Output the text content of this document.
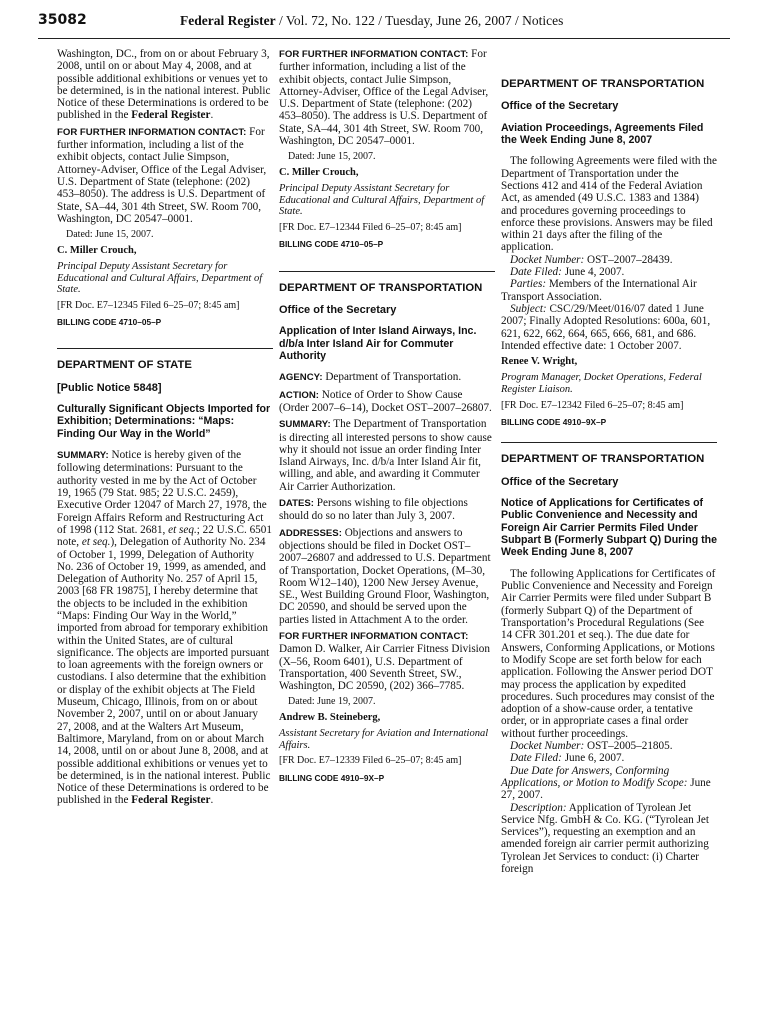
35082	Federal Register / Vol. 72, No. 122 / Tuesday, June 26, 2007 / Notices

Washington, DC., from on or about February 3, 2008, until on or about May 4, 2008, and at possible additional exhibitions or venues yet to be determined, is in the national interest. Public Notice of these Determinations is ordered to be published in the Federal Register.

FOR FURTHER INFORMATION CONTACT: For further information, including a list of the exhibit objects, contact Julie Simpson, Attorney-Adviser, Office of the Legal Adviser, U.S. Department of State (telephone: (202) 453–8050). The address is U.S. Department of State, SA–44, 301 4th Street, SW. Room 700, Washington, DC 20547–0001.

Dated: June 15, 2007.

C. Miller Crouch,

Principal Deputy Assistant Secretary for Educational and Cultural Affairs, Department of State.

[FR Doc. E7–12345 Filed 6–25–07; 8:45 am]

BILLING CODE 4710–05–P
DEPARTMENT OF STATE
[Public Notice 5848]
Culturally Significant Objects Imported for Exhibition; Determinations: “Maps: Finding Our Way in the World”

SUMMARY: Notice is hereby given of the following determinations: Pursuant to the authority vested in me by the Act of October 19, 1965 (79 Stat. 985; 22 U.S.C. 2459), Executive Order 12047 of March 27, 1978, the Foreign Affairs Reform and Restructuring Act of 1998 (112 Stat. 2681, et seq.; 22 U.S.C. 6501 note, et seq.), Delegation of Authority No. 234 of October 1, 1999, Delegation of Authority No. 236 of October 19, 1999, as amended, and Delegation of Authority No. 257 of April 15, 2003 [68 FR 19875], I hereby determine that the objects to be included in the exhibition “Maps: Finding Our Way in the World,” imported from abroad for temporary exhibition within the United States, are of cultural significance. The objects are imported pursuant to loan agreements with the foreign owners or custodians. I also determine that the exhibition or display of the exhibit objects at The Field Museum, Chicago, Illinois, from on or about November 2, 2007, until on or about January 27, 2008, and at the Walters Art Museum, Baltimore, Maryland, from on or about March 14, 2008, until on or about June 8, 2008, and at possible additional exhibitions or venues yet to be determined, is in the national interest. Public Notice of these Determinations is ordered to be published in the Federal Register.

FOR FURTHER INFORMATION CONTACT: For further information, including a list of the exhibit objects, contact Julie Simpson, Attorney-Adviser, Office of the Legal Adviser, U.S. Department of State (telephone: (202) 453–8050). The address is U.S. Department of State, SA–44, 301 4th Street, SW. Room 700, Washington, DC 20547–0001.

Dated: June 15, 2007.

C. Miller Crouch,

Principal Deputy Assistant Secretary for Educational and Cultural Affairs, Department of State.

[FR Doc. E7–12344 Filed 6–25–07; 8:45 am]

BILLING CODE 4710–05–P
DEPARTMENT OF TRANSPORTATION
Office of the Secretary
Application of Inter Island Airways, Inc. d/b/a Inter Island Air for Commuter Authority

AGENCY: Department of Transportation.

ACTION: Notice of Order to Show Cause (Order 2007–6–14), Docket OST–2007–26807.

SUMMARY: The Department of Transportation is directing all interested persons to show cause why it should not issue an order finding Inter Island Airways, Inc. d/b/a Inter Island Air fit, willing, and able, and awarding it Commuter Air Carrier Authorization.

DATES: Persons wishing to file objections should do so no later than July 3, 2007.

ADDRESSES: Objections and answers to objections should be filed in Docket OST–2007–26807 and addressed to U.S. Department of Transportation, Docket Operations, (M–30, Room W12–140), 1200 New Jersey Avenue, SE., West Building Ground Floor, Washington, DC 20590, and should be served upon the parties listed in Attachment A to the order.

FOR FURTHER INFORMATION CONTACT:
Damon D. Walker, Air Carrier Fitness Division (X–56, Room 6401), U.S. Department of Transportation, 400 Seventh Street, SW., Washington, DC 20590, (202) 366–7785.

Dated: June 19, 2007.

Andrew B. Steineberg,

Assistant Secretary for Aviation and International Affairs.

[FR Doc. E7–12339 Filed 6–25–07; 8:45 am]

BILLING CODE 4910–9X–P
DEPARTMENT OF TRANSPORTATION
Office of the Secretary
Aviation Proceedings, Agreements Filed the Week Ending June 8, 2007

The following Agreements were filed with the Department of Transportation under the Sections 412 and 414 of the Federal Aviation Act, as amended (49 U.S.C. 1383 and 1384) and procedures governing proceedings to enforce these provisions. Answers may be filed within 21 days after the filing of the application.

Docket Number: OST–2007–28439.

Date Filed: June 4, 2007.

Parties: Members of the International Air Transport Association.

Subject: CSC/29/Meet/016/07 dated 1 June 2007; Finally Adopted Resolutions: 600a, 601, 621, 622, 662, 664, 665, 666, 681, and 686. Intended effective date: 1 October 2007.

Renee V. Wright,

Program Manager, Docket Operations, Federal Register Liaison.

[FR Doc. E7–12342 Filed 6–25–07; 8:45 am]

BILLING CODE 4910–9X–P
DEPARTMENT OF TRANSPORTATION
Office of the Secretary
Notice of Applications for Certificates of Public Convenience and Necessity and Foreign Air Carrier Permits Filed Under Subpart B (Formerly Subpart Q) During the Week Ending June 8, 2007

The following Applications for Certificates of Public Convenience and Necessity and Foreign Air Carrier Permits were filed under Subpart B (formerly Subpart Q) of the Department of Transportation’s Procedural Regulations (See 14 CFR 301.201 et seq.). The due date for Answers, Conforming Applications, or Motions to Modify Scope are set forth below for each application. Following the Answer period DOT may process the application by expedited procedures. Such procedures may consist of the adoption of a show-cause order, a tentative order, or in appropriate cases a final order without further proceedings.

Docket Number: OST–2005–21805.

Date Filed: June 6, 2007.

Due Date for Answers, Conforming Applications, or Motion to Modify Scope: June 27, 2007.

Description: Application of Tyrolean Jet Service Nfg. GmbH & Co. KG. (“Tyrolean Jet Services”), requesting an exemption and an amended foreign air carrier permit authorizing Tyrolean Jet Services to conduct: (i) Charter foreign
